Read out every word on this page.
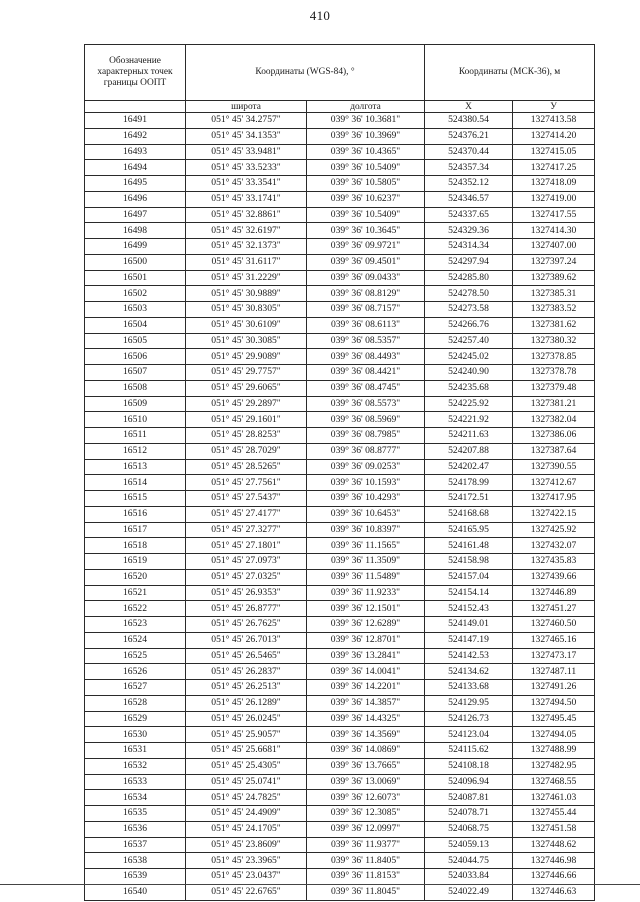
410
Обозначение
характерных точек
границы ООПТ	Координаты (WGS-84), °		Координаты (МСК-36), м	
	широта	долгота	X	У
16491	051° 45' 34.2757"	039° 36' 10.3681"	524380.54	1327413.58
16492	051° 45' 34.1353"	039° 36' 10.3969"	524376.21	1327414.20
16493	051° 45' 33.9481"	039° 36' 10.4365"	524370.44	1327415.05
16494	051° 45' 33.5233"	039° 36' 10.5409"	524357.34	1327417.25
16495	051° 45' 33.3541"	039° 36' 10.5805"	524352.12	1327418.09
16496	051° 45' 33.1741"	039° 36' 10.6237"	524346.57	1327419.00
16497	051° 45' 32.8861"	039° 36' 10.5409"	524337.65	1327417.55
16498	051° 45' 32.6197"	039° 36' 10.3645"	524329.36	1327414.30
16499	051° 45' 32.1373"	039° 36' 09.9721"	524314.34	1327407.00
16500	051° 45' 31.6117"	039° 36' 09.4501"	524297.94	1327397.24
16501	051° 45' 31.2229"	039° 36' 09.0433"	524285.80	1327389.62
16502	051° 45' 30.9889"	039° 36' 08.8129"	524278.50	1327385.31
16503	051° 45' 30.8305"	039° 36' 08.7157"	524273.58	1327383.52
16504	051° 45' 30.6109"	039° 36' 08.6113"	524266.76	1327381.62
16505	051° 45' 30.3085"	039° 36' 08.5357"	524257.40	1327380.32
16506	051° 45' 29.9089"	039° 36' 08.4493"	524245.02	1327378.85
16507	051° 45' 29.7757"	039° 36' 08.4421"	524240.90	1327378.78
16508	051° 45' 29.6065"	039° 36' 08.4745"	524235.68	1327379.48
16509	051° 45' 29.2897"	039° 36' 08.5573"	524225.92	1327381.21
16510	051° 45' 29.1601"	039° 36' 08.5969"	524221.92	1327382.04
16511	051° 45' 28.8253"	039° 36' 08.7985"	524211.63	1327386.06
16512	051° 45' 28.7029"	039° 36' 08.8777"	524207.88	1327387.64
16513	051° 45' 28.5265"	039° 36' 09.0253"	524202.47	1327390.55
16514	051° 45' 27.7561"	039° 36' 10.1593"	524178.99	1327412.67
16515	051° 45' 27.5437"	039° 36' 10.4293"	524172.51	1327417.95
16516	051° 45' 27.4177"	039° 36' 10.6453"	524168.68	1327422.15
16517	051° 45' 27.3277"	039° 36' 10.8397"	524165.95	1327425.92
16518	051° 45' 27.1801"	039° 36' 11.1565"	524161.48	1327432.07
16519	051° 45' 27.0973"	039° 36' 11.3509"	524158.98	1327435.83
16520	051° 45' 27.0325"	039° 36' 11.5489"	524157.04	1327439.66
16521	051° 45' 26.9353"	039° 36' 11.9233"	524154.14	1327446.89
16522	051° 45' 26.8777"	039° 36' 12.1501"	524152.43	1327451.27
16523	051° 45' 26.7625"	039° 36' 12.6289"	524149.01	1327460.50
16524	051° 45' 26.7013"	039° 36' 12.8701"	524147.19	1327465.16
16525	051° 45' 26.5465"	039° 36' 13.2841"	524142.53	1327473.17
16526	051° 45' 26.2837"	039° 36' 14.0041"	524134.62	1327487.11
16527	051° 45' 26.2513"	039° 36' 14.2201"	524133.68	1327491.26
16528	051° 45' 26.1289"	039° 36' 14.3857"	524129.95	1327494.50
16529	051° 45' 26.0245"	039° 36' 14.4325"	524126.73	1327495.45
16530	051° 45' 25.9057"	039° 36' 14.3569"	524123.04	1327494.05
16531	051° 45' 25.6681"	039° 36' 14.0869"	524115.62	1327488.99
16532	051° 45' 25.4305"	039° 36' 13.7665"	524108.18	1327482.95
16533	051° 45' 25.0741"	039° 36' 13.0069"	524096.94	1327468.55
16534	051° 45' 24.7825"	039° 36' 12.6073"	524087.81	1327461.03
16535	051° 45' 24.4909"	039° 36' 12.3085"	524078.71	1327455.44
16536	051° 45' 24.1705"	039° 36' 12.0997"	524068.75	1327451.58
16537	051° 45' 23.8609"	039° 36' 11.9377"	524059.13	1327448.62
16538	051° 45' 23.3965"	039° 36' 11.8405"	524044.75	1327446.98
16539	051° 45' 23.0437"	039° 36' 11.8153"	524033.84	1327446.66
16540	051° 45' 22.6765"	039° 36' 11.8045"	524022.49	1327446.63
